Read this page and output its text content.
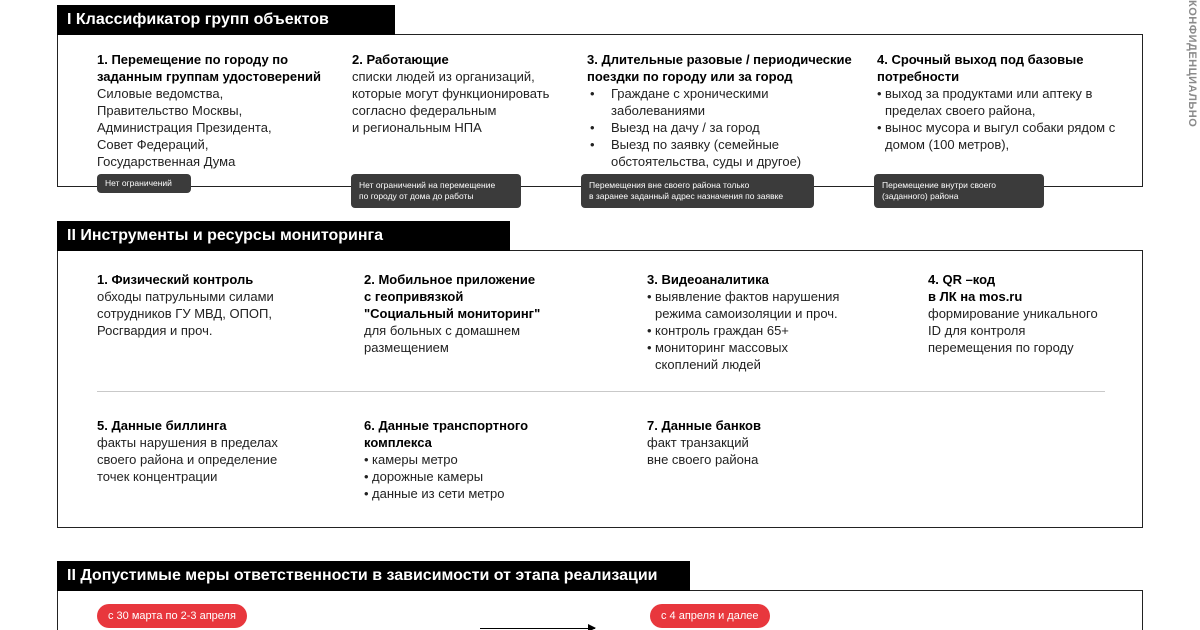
КОНФИДЕНЦИАЛЬНО
I Классификатор групп объектов
1. Перемещение по городу по заданным группам удостоверений
Силовые ведомства,
Правительство Москвы,
Администрация Президента,
Совет Федераций,
Государственная Дума
2. Работающие
списки людей из организаций,
которые могут функционировать
согласно федеральным
и региональным НПА
3. Длительные разовые / периодические поездки по городу или за город
• Граждане с хроническими заболеваниями
• Выезд на дачу / за город
• Выезд по заявку (семейные обстоятельства, суды и другое)
4. Срочный выход под базовые потребности
• выход за продуктами или аптеку в пределах своего района,
• вынос мусора и выгул собаки рядом с домом (100 метров),
Нет ограничений	Нет ограничений на перемещение
по городу от дома до работы
Перемещения вне своего района только
в заранее заданный адрес назначения по заявке
Перемещение внутри своего
(заданного) района
II Инструменты и ресурсы мониторинга
1. Физический контроль
обходы патрульными силами
сотрудников ГУ МВД, ОПОП,
Росгвардия и проч.
2. Мобильное приложение
с геопривязкой
"Социальный мониторинг"
для больных с домашнем
размещением
3. Видеоаналитика
• выявление фактов нарушения режима самоизоляции и проч.
• контроль граждан 65+
• мониторинг массовых скоплений людей
4. QR –код
в ЛК на mos.ru
формирование уникального
ID для контроля
перемещения по городу
5. Данные биллинга
факты нарушения в пределах
своего района и определение
точек концентрации
6. Данные транспортного комплекса
• камеры метро
• дорожные камеры
• данные из сети метро
7. Данные банков
факт транзакций
вне своего района
II Допустимые меры ответственности в зависимости от этапа реализации
с 30 марта по 2-3 апреля	с 4 апреля и далее
